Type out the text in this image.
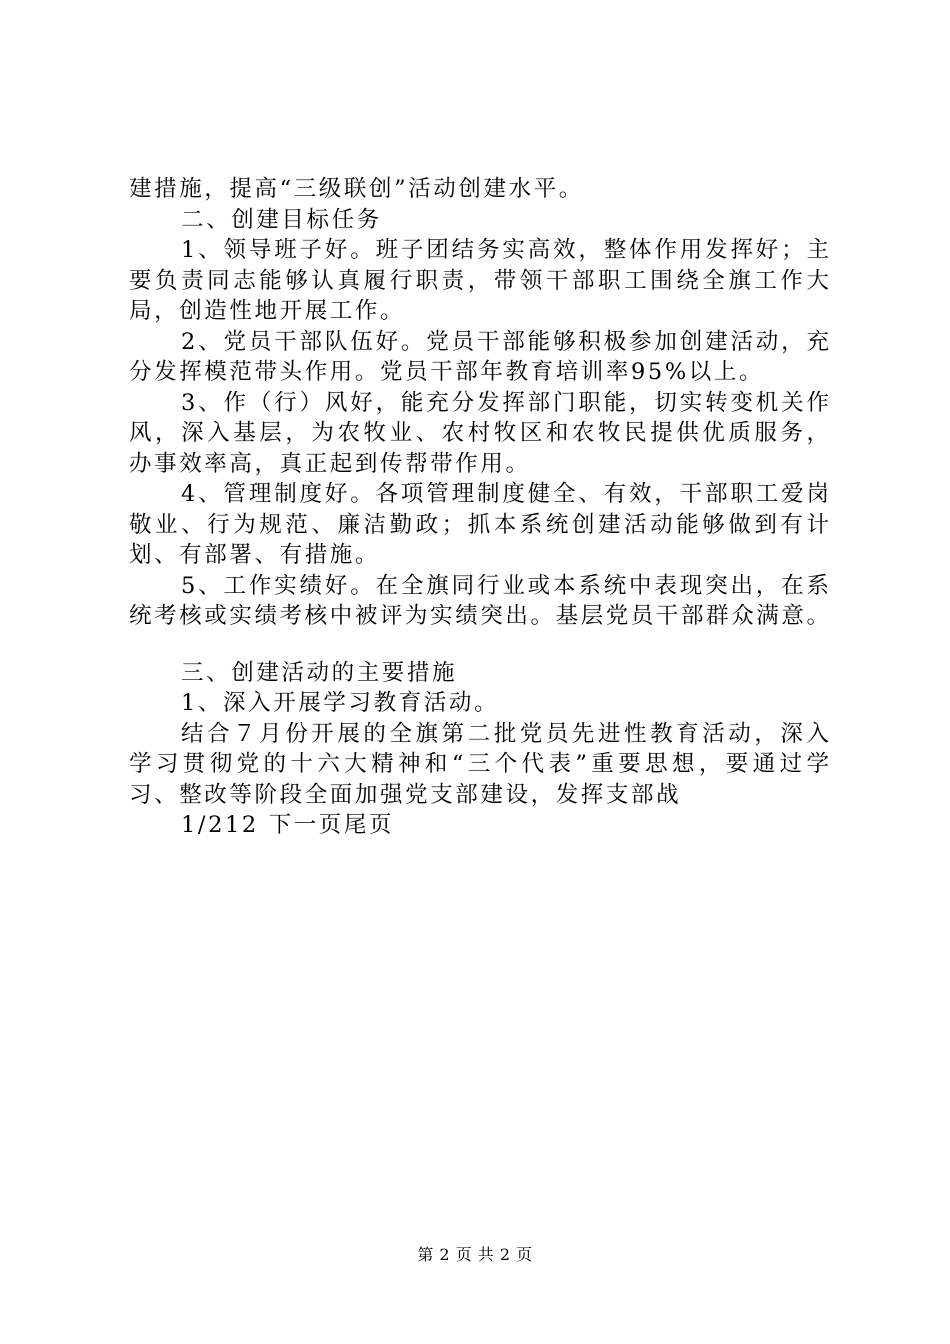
建措施，提高“三级联创”活动创建水平。
二、创建目标任务
1、领导班子好。班子团结务实高效，整体作用发挥好；主
要负责同志能够认真履行职责，带领干部职工围绕全旗工作大
局，创造性地开展工作。
2、党员干部队伍好。党员干部能够积极参加创建活动，充
分发挥模范带头作用。党员干部年教育培训率95%以上。
3、作（行）风好，能充分发挥部门职能，切实转变机关作
风，深入基层，为农牧业、农村牧区和农牧民提供优质服务，
办事效率高，真正起到传帮带作用。
4、管理制度好。各项管理制度健全、有效，干部职工爱岗
敬业、行为规范、廉洁勤政；抓本系统创建活动能够做到有计
划、有部署、有措施。
5、工作实绩好。在全旗同行业或本系统中表现突出，在系
统考核或实绩考核中被评为实绩突出。基层党员干部群众满意。
三、创建活动的主要措施
1、深入开展学习教育活动。
结合７月份开展的全旗第二批党员先进性教育活动，深入
学习贯彻党的十六大精神和“三个代表”重要思想，要通过学
习、整改等阶段全面加强党支部建设，发挥支部战
1/212 下一页尾页
第 2 页 共 2 页
